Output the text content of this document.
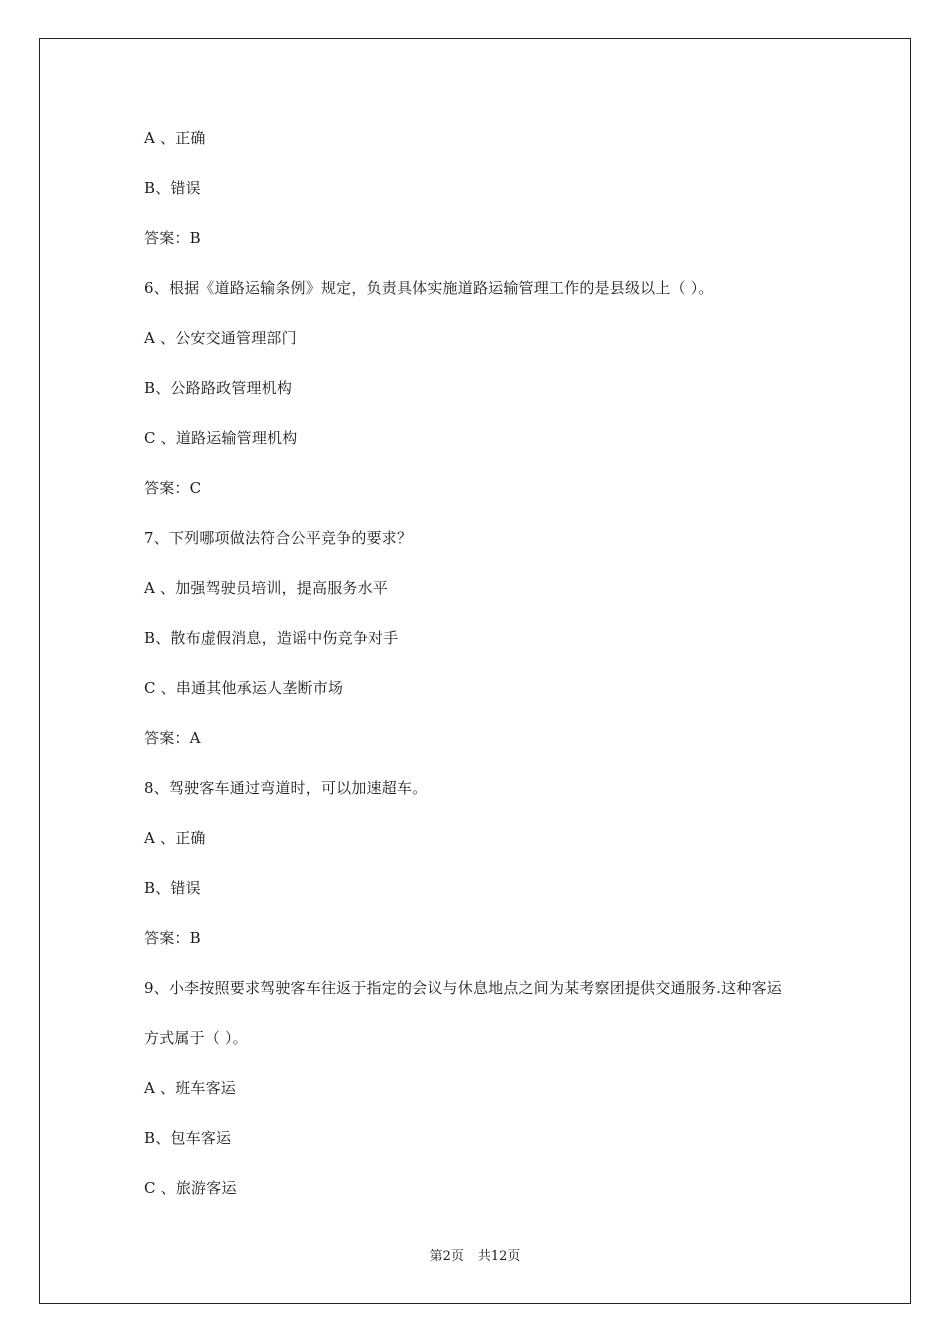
A 、正确
B、错误
答案：B
6、根据《道路运输条例》规定，负责具体实施道路运输管理工作的是县级以上（ ）。
A 、公安交通管理部门
B、公路路政管理机构
C 、道路运输管理机构
答案：C
7、下列哪项做法符合公平竞争的要求？
A 、加强驾驶员培训，提高服务水平
B、散布虚假消息，造谣中伤竞争对手
C 、串通其他承运人垄断市场
答案：A
8、驾驶客车通过弯道时，可以加速超车。
A 、正确
B、错误
答案：B
9、小李按照要求驾驶客车往返于指定的会议与休息地点之间为某考察团提供交通服务.这种客运
方式属于（ ）。
A 、班车客运
B、包车客运
C 、旅游客运
第2页 共12页
